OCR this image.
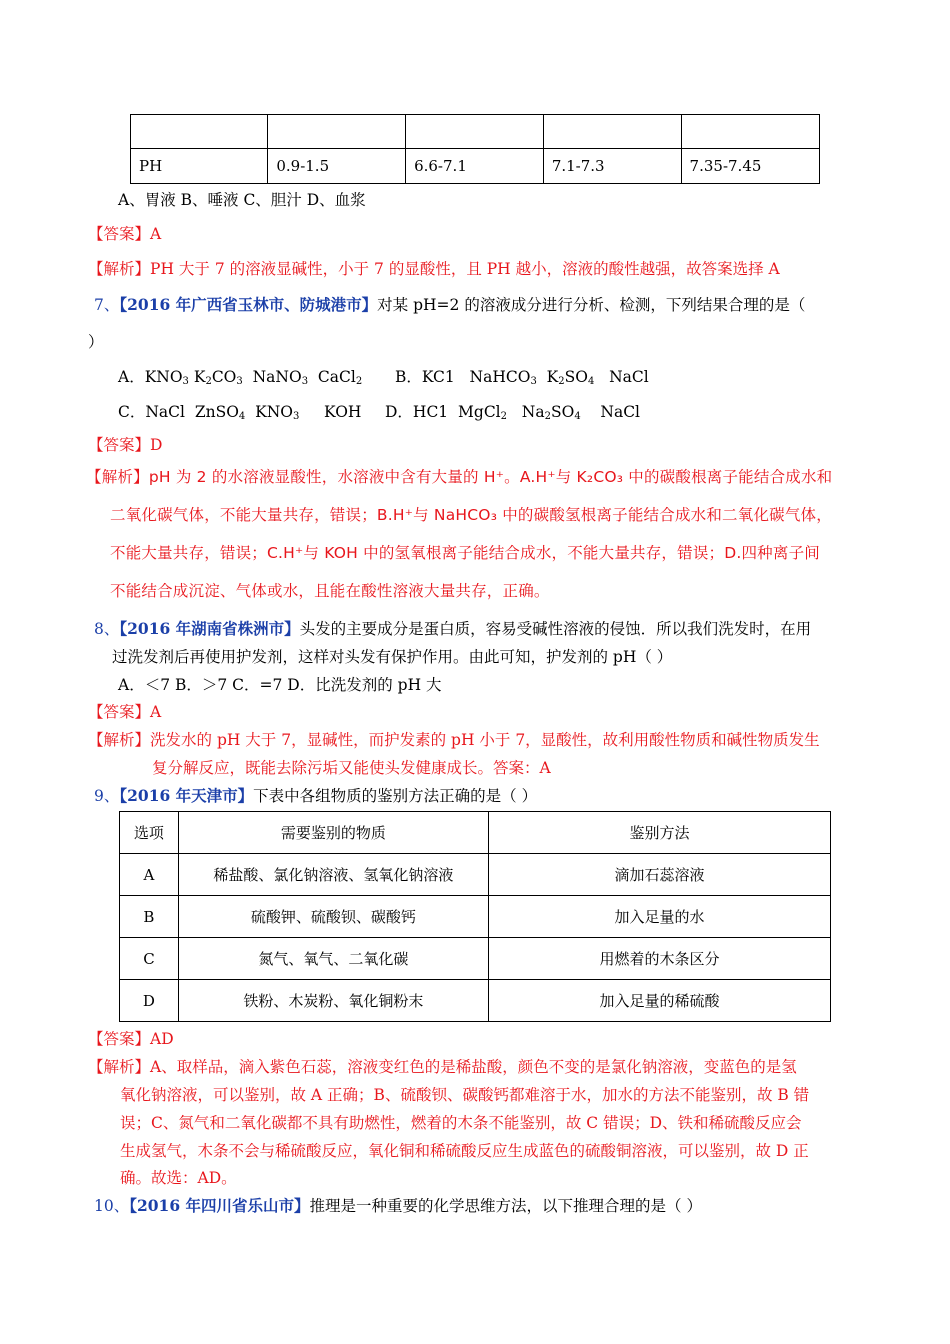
PH	0.9-1.5	6.6-7.1	7.1-7.3	7.35-7.45
A、胃液 B、唾液 C、胆汁 D、血浆
【答案】A
【解析】PH 大于 7 的溶液显碱性，小于 7 的显酸性，且 PH 越小，溶液的酸性越强，故答案选择 A
7、【2016 年广西省玉林市、防城港市】对某 pH=2 的溶液成分进行分析、检测，下列结果合理的是（
）
A．$KNO_3$ $K_2CO_3$  NaNO$_3$  CaCl$_2$ B．KC1   NaHCO$_3$  $K_2SO_4$   NaCl
C．NaCl  ZnSO$_4$  $KNO_3$     KOH D．HC1  MgCl$_2$   $Na_2SO_4$    NaCl
【答案】D
【解析】pH 为 2 的水溶液显酸性，水溶液中含有大量的 H⁺。A.H⁺与 K₂CO₃ 中的碳酸根离子能结合成水和
二氧化碳气体，不能大量共存，错误；B.H⁺与 NaHCO₃ 中的碳酸氢根离子能结合成水和二氧化碳气体，
不能大量共存，错误；C.H⁺与 KOH 中的氢氧根离子能结合成水，不能大量共存，错误；D.四种离子间
不能结合成沉淀、气体或水，且能在酸性溶液大量共存，正确。
8、【2016 年湖南省株洲市】头发的主要成分是蛋白质，容易受碱性溶液的侵蚀．所以我们洗发时，在用
过洗发剂后再使用护发剂，这样对头发有保护作用。由此可知，护发剂的 pH（ ）
A．＜7 B．＞7 C．=7 D．比洗发剂的 pH 大
【答案】A
【解析】洗发水的 pH 大于 7，显碱性，而护发素的 pH 小于 7，显酸性，故利用酸性物质和碱性物质发生
复分解反应，既能去除污垢又能使头发健康成长。答案：A
9、【2016 年天津市】下表中各组物质的鉴别方法正确的是（ ）
选项	需要鉴别的物质	鉴别方法
A	稀盐酸、氯化钠溶液、氢氧化钠溶液	滴加石蕊溶液
B	硫酸钾、硫酸钡、碳酸钙	加入足量的水
C	氮气、氧气、二氧化碳	用燃着的木条区分
D	铁粉、木炭粉、氧化铜粉末	加入足量的稀硫酸
【答案】AD
【解析】A、取样品，滴入紫色石蕊，溶液变红色的是稀盐酸，颜色不变的是氯化钠溶液，变蓝色的是氢
氧化钠溶液，可以鉴别，故 A 正确；B、硫酸钡、碳酸钙都难溶于水，加水的方法不能鉴别，故 B 错
误；C、氮气和二氧化碳都不具有助燃性，燃着的木条不能鉴别，故 C 错误；D、铁和稀硫酸反应会
生成氢气，木条不会与稀硫酸反应，氧化铜和稀硫酸反应生成蓝色的硫酸铜溶液，可以鉴别，故 D 正
确。故选：AD。
10、【2016 年四川省乐山市】推理是一种重要的化学思维方法，以下推理合理的是（ ）
